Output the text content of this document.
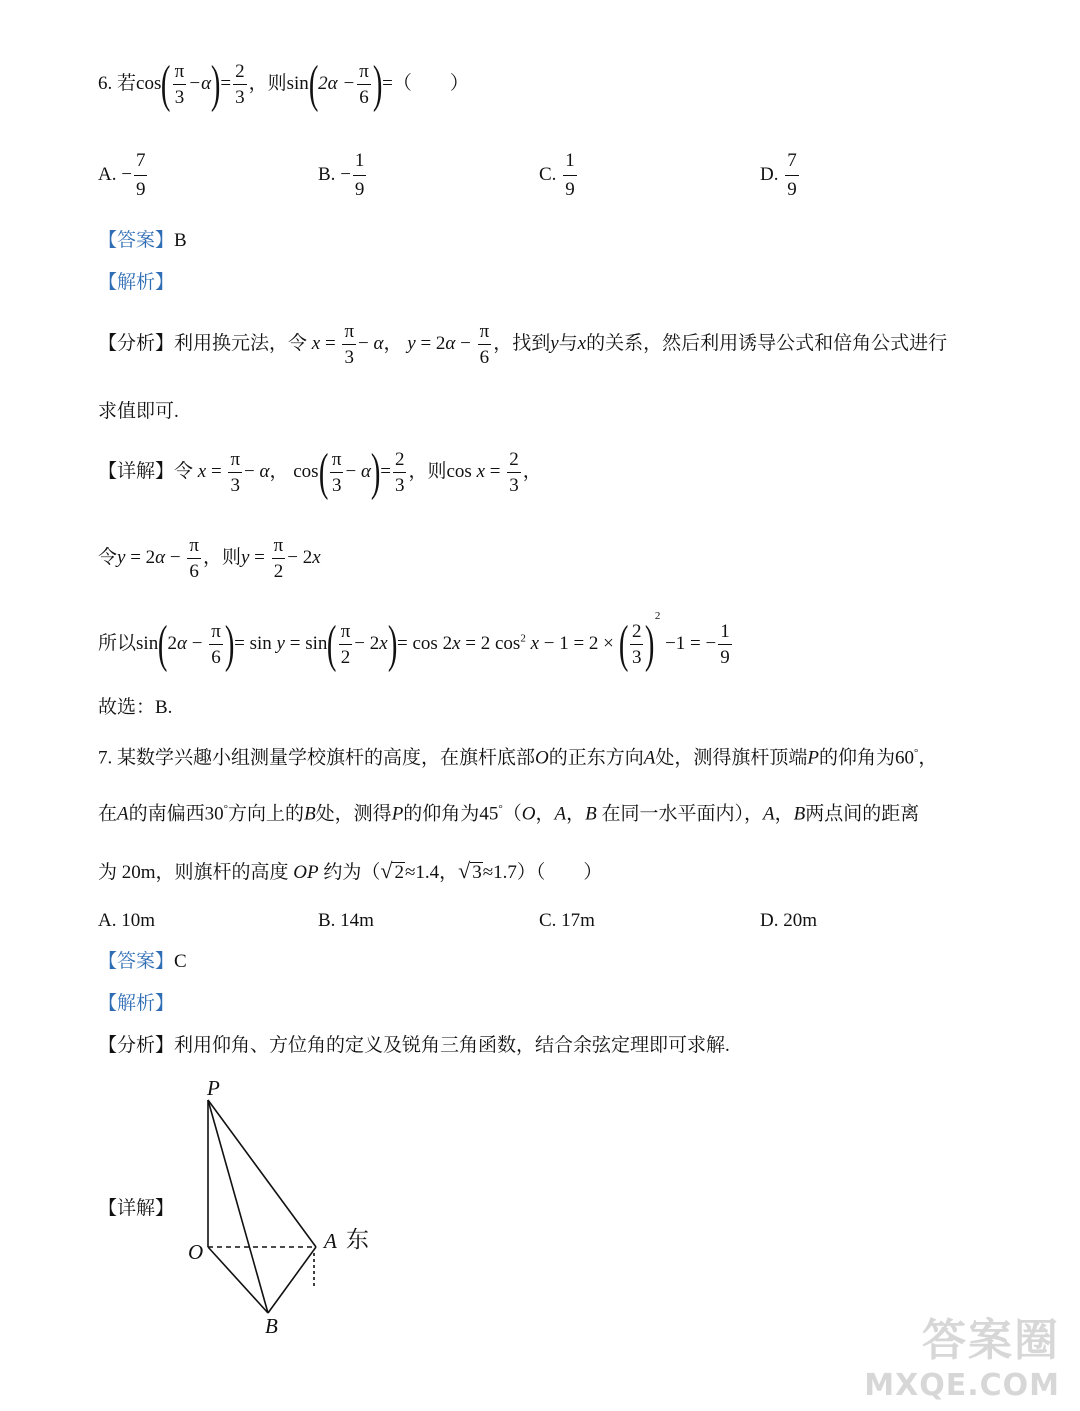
6. 若$\cos( \frac{\pi}{3} -\alpha)= \frac{2}{3}$ ，则$\sin(2\alpha - \frac{\pi}{6}$ )=（　　）
A. − $\frac{7}{9}$	B. − $\frac{1}{9}$	C. $\frac{1}{9}$	D. $\frac{7}{9}$
【答案】B
【解析】
【分析】利用换元法，令 $x = \frac{\pi}{3} - \alpha$， $y = 2\alpha - \frac{\pi}{6}$ ，找到y与x的关系，然后利用诱导公式和倍角公式进行
求值即可.
【详解】令 $x = \frac{\pi}{3} - \alpha$， $\cos( \frac{\pi}{3} - \alpha)= \frac{2}{3}$ ，则$\cos x = \frac{2}{3}$ ，
令$y = 2\alpha - \frac{\pi}{6}$ ，则$y = \frac{\pi}{2} - 2x$
所以$\sin(2\alpha - \frac{\pi}{6}$ )= $\sin y = \sin( \frac{\pi}{2} - 2x)= \cos 2x = 2$ $\cos^2 x - 1 = 2$ × ( $\frac{2}{3} )^2 -1$ = − $\frac{1}{9}$
故选：B.
7. 某数学兴趣小组测量学校旗杆的高度，在旗杆底部O的正东方向A处，测得旗杆顶端P的仰角为60°，
在A的南偏西30°方向上的B处，测得P的仰角为45°（O，A，B 在同一水平面内），A，B两点间的距离
为 20m，则旗杆的高度 OP 约为（√ 2≈1.4，√ 3≈1.7）（　　）
A. 10m	B. 14m	C. 17m	D. 20m
【答案】C
【解析】
【分析】利用仰角、方位角的定义及锐角三角函数，结合余弦定理即可求解.
【详解】
P
O	A
B
东
答案圈
MXQE.COM
